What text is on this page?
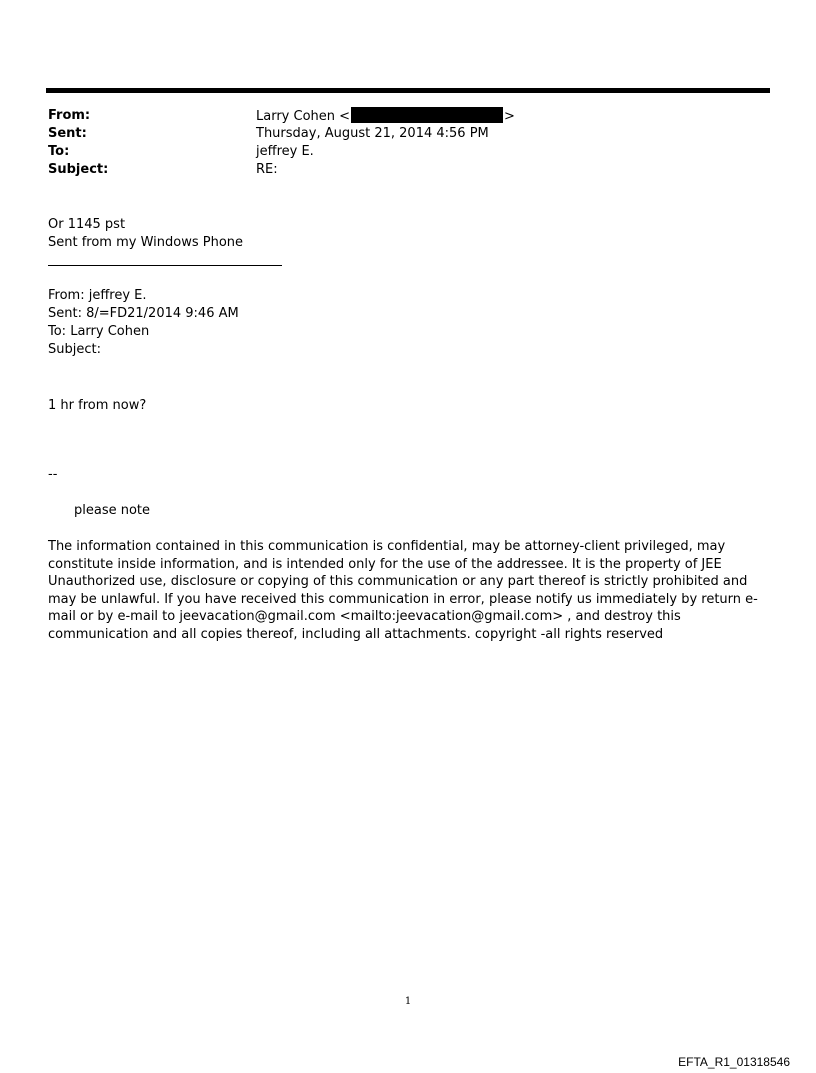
From:	Larry Cohen <	>
Sent:	Thursday, August 21, 2014 4:56 PM
To:	jeffrey E.
Subject:	RE:
Or 1145 pst
Sent from my Windows Phone
From: jeffrey E.
Sent: 8/=FD21/2014 9:46 AM
To: Larry Cohen
Subject:
1 hr from now?
--
please note
The information contained in this communication is confidential, may be attorney-client privileged, may constitute inside information, and is intended only for the use of the addressee. It is the property of JEE Unauthorized use, disclosure or copying of this communication or any part thereof is strictly prohibited and may be unlawful. If you have received this communication in error, please notify us immediately by return e-mail or by e-mail to jeevacation@gmail.com <mailto:jeevacation@gmail.com> , and destroy this communication and all copies thereof, including all attachments. copyright -all rights reserved
1
EFTA_R1_01318546
